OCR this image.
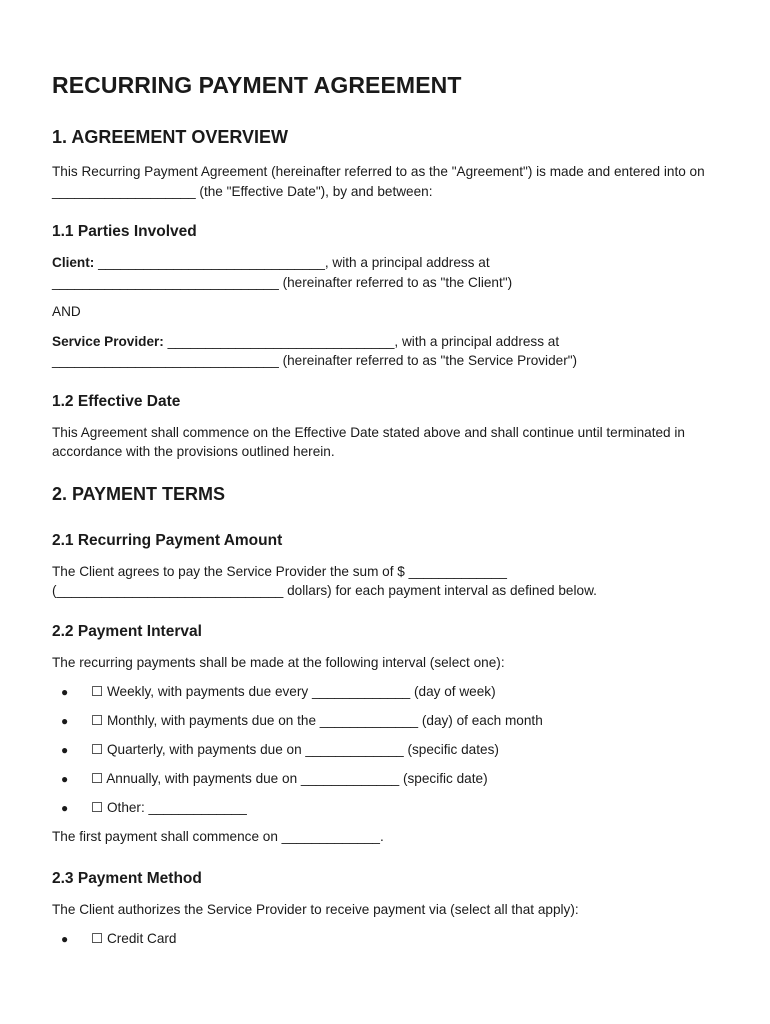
RECURRING PAYMENT AGREEMENT
1. AGREEMENT OVERVIEW

This Recurring Payment Agreement (hereinafter referred to as the "Agreement") is made and entered into on ___________________ (the "Effective Date"), by and between:

1.1 Parties Involved

Client: ______________________________, with a principal address at ______________________________ (hereinafter referred to as "the Client")

AND

Service Provider: ______________________________, with a principal address at ______________________________ (hereinafter referred to as "the Service Provider")

1.2 Effective Date

This Agreement shall commence on the Effective Date stated above and shall continue until terminated in accordance with the provisions outlined herein.

2. PAYMENT TERMS
2.1 Recurring Payment Amount

The Client agrees to pay the Service Provider the sum of $ _____________ (______________________________ dollars) for each payment interval as defined below.

2.2 Payment Interval

The recurring payments shall be made at the following interval (select one):

● ☐ Weekly, with payments due every _____________ (day of week)
● ☐ Monthly, with payments due on the _____________ (day) of each month
● ☐ Quarterly, with payments due on _____________ (specific dates)
● ☐ Annually, with payments due on _____________ (specific date)
● ☐ Other: _____________

The first payment shall commence on _____________.

2.3 Payment Method

The Client authorizes the Service Provider to receive payment via (select all that apply):

● ☐ Credit Card
